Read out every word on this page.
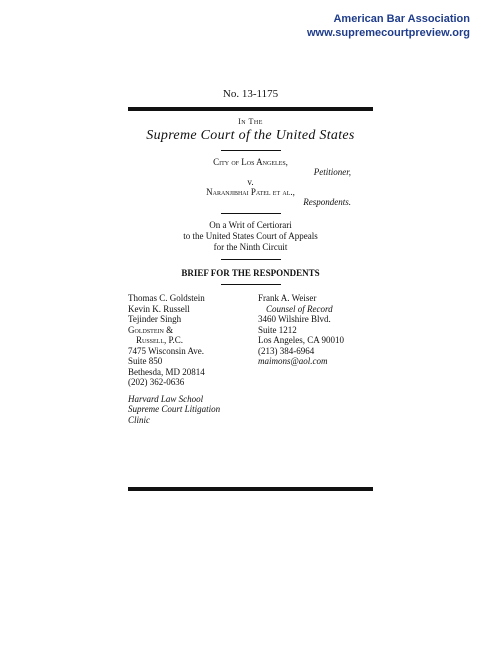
American Bar Association
www.supremecourtpreview.org
No. 13-1175
In The
Supreme Court of the United States
City of Los Angeles,
Petitioner,
v.
Naranjibhai Patel et al.,
Respondents.
On a Writ of Certiorari
to the United States Court of Appeals
for the Ninth Circuit
BRIEF FOR THE RESPONDENTS
Thomas C. Goldstein
Kevin K. Russell
Tejinder Singh
Goldstein &
Russell, P.C.
7475 Wisconsin Ave.
Suite 850
Bethesda, MD 20814
(202) 362-0636
Harvard Law School
Supreme Court Litigation
Clinic
Frank A. Weiser
Counsel of Record
3460 Wilshire Blvd.
Suite 1212
Los Angeles, CA 90010
(213) 384-6964
maimons@aol.com
